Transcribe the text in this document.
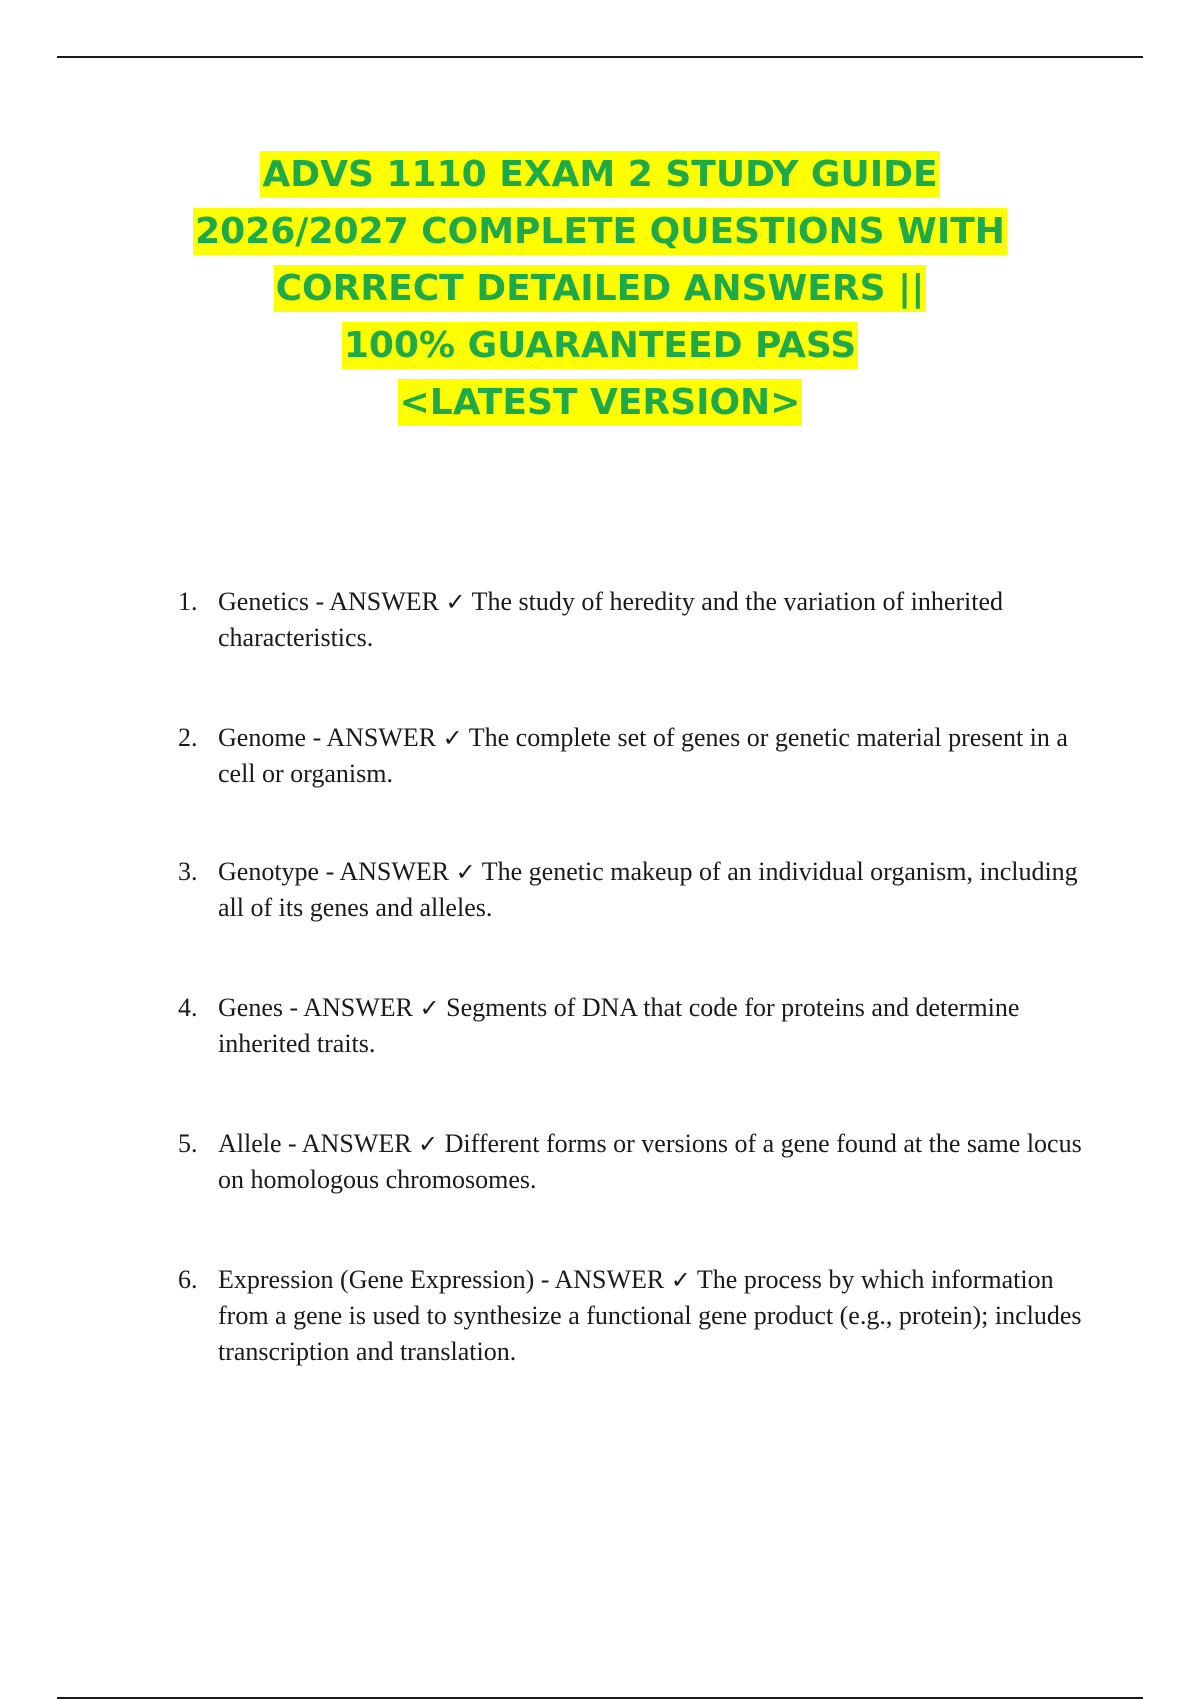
ADVS 1110 EXAM 2 STUDY GUIDE
2026/2027 COMPLETE QUESTIONS WITH
CORRECT DETAILED ANSWERS ||
100% GUARANTEED PASS
<LATEST VERSION>
1. Genetics - ANSWER ✓ The study of heredity and the variation of inherited characteristics.
2. Genome - ANSWER ✓ The complete set of genes or genetic material present in a cell or organism.
3. Genotype - ANSWER ✓ The genetic makeup of an individual organism, including all of its genes and alleles.
4. Genes - ANSWER ✓ Segments of DNA that code for proteins and determine inherited traits.
5. Allele - ANSWER ✓ Different forms or versions of a gene found at the same locus on homologous chromosomes.
6. Expression (Gene Expression) - ANSWER ✓ The process by which information from a gene is used to synthesize a functional gene product (e.g., protein); includes transcription and translation.
